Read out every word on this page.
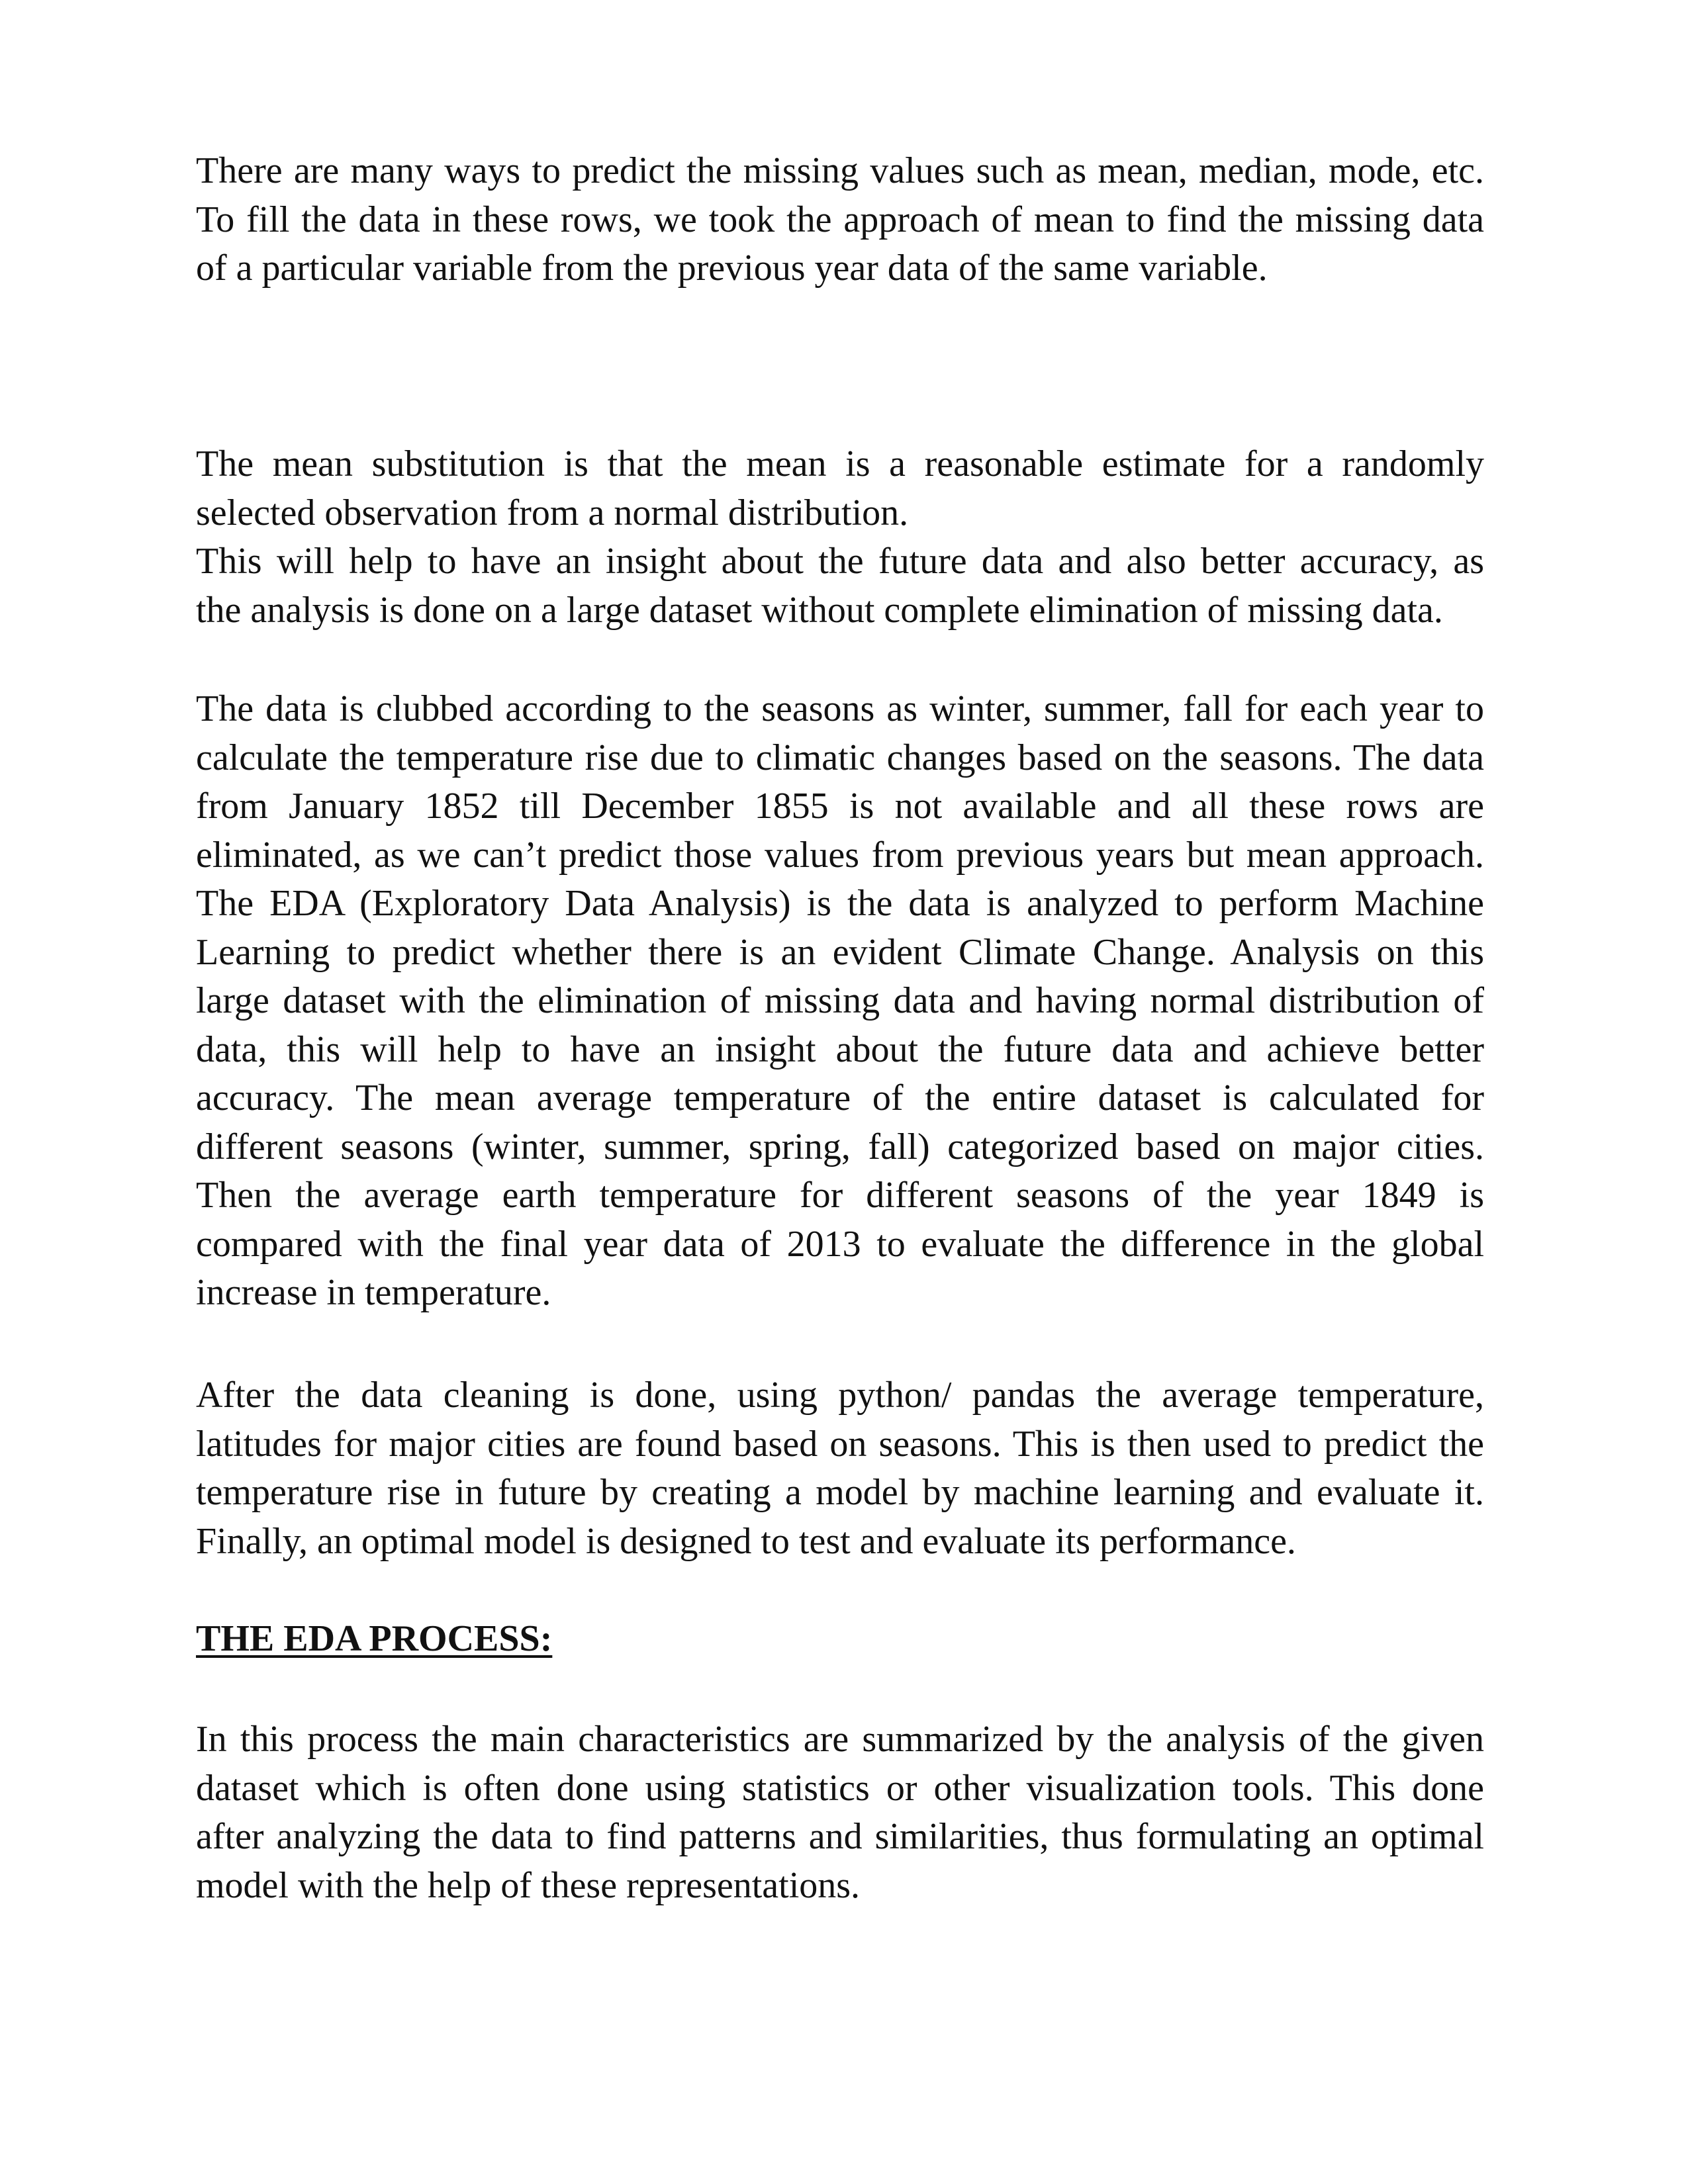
There are many ways to predict the missing values such as mean, median, mode, etc.
To fill the data in these rows, we took the approach of mean to find the missing data
of a particular variable from the previous year data of the same variable.

The mean substitution is that the mean is a reasonable estimate for a randomly
selected observation from a normal distribution.
This will help to have an insight about the future data and also better accuracy, as
the analysis is done on a large dataset without complete elimination of missing data.

The data is clubbed according to the seasons as winter, summer, fall for each year to
calculate the temperature rise due to climatic changes based on the seasons. The data
from January 1852 till December 1855 is not available and all these rows are
eliminated, as we can’t predict those values from previous years but mean approach.
The EDA (Exploratory Data Analysis) is the data is analyzed to perform Machine
Learning to predict whether there is an evident Climate Change. Analysis on this
large dataset with the elimination of missing data and having normal distribution of
data, this will help to have an insight about the future data and achieve better
accuracy. The mean average temperature of the entire dataset is calculated for
different seasons (winter, summer, spring, fall) categorized based on major cities.
Then the average earth temperature for different seasons of the year 1849 is
compared with the final year data of 2013 to evaluate the difference in the global
increase in temperature.

After the data cleaning is done, using python/ pandas the average temperature,
latitudes for major cities are found based on seasons. This is then used to predict the
temperature rise in future by creating a model by machine learning and evaluate it.
Finally, an optimal model is designed to test and evaluate its performance.

THE EDA PROCESS:

In this process the main characteristics are summarized by the analysis of the given
dataset which is often done using statistics or other visualization tools. This done
after analyzing the data to find patterns and similarities, thus formulating an optimal
model with the help of these representations.
